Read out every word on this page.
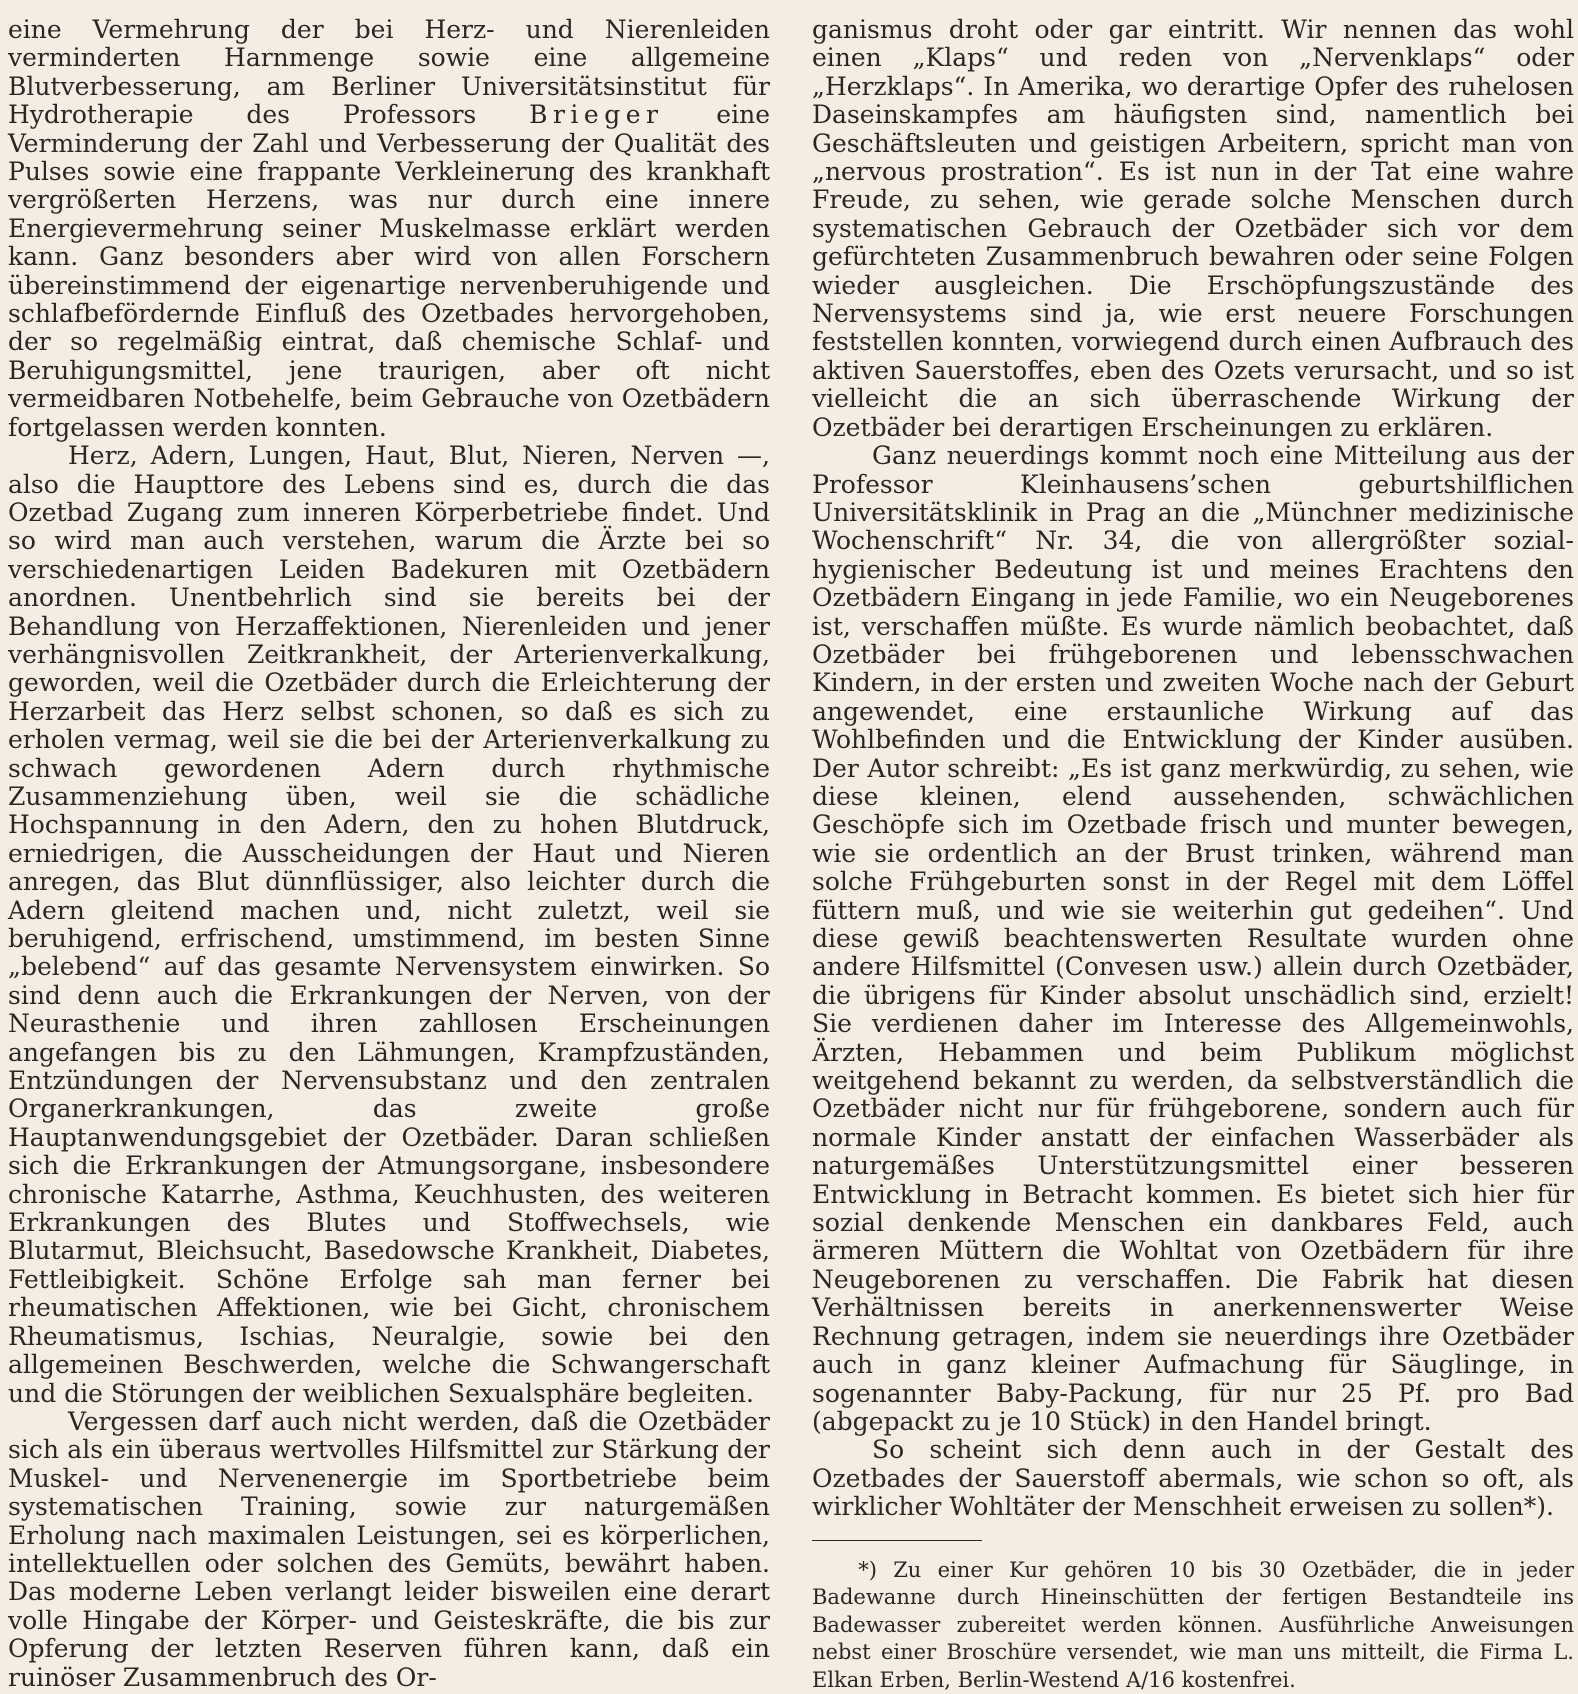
eine Vermehrung der bei Herz- und Nierenleiden verminderten Harnmenge sowie eine allgemeine Blutverbesserung, am Berliner Universitätsinstitut für Hydrotherapie des Professors Brieger eine Verminderung der Zahl und Verbesserung der Qualität des Pulses sowie eine frappante Verkleinerung des krankhaft vergrößerten Herzens, was nur durch eine innere Energievermehrung seiner Muskelmasse erklärt werden kann. Ganz besonders aber wird von allen Forschern übereinstimmend der eigenartige nervenberuhigende und schlafbefördernde Einfluß des Ozetbades hervorgehoben, der so regelmäßig eintrat, daß chemische Schlaf- und Beruhigungsmittel, jene traurigen, aber oft nicht vermeidbaren Notbehelfe, beim Gebrauche von Ozetbädern fortgelassen werden konnten.

Herz, Adern, Lungen, Haut, Blut, Nieren, Nerven —, also die Haupttore des Lebens sind es, durch die das Ozetbad Zugang zum inneren Körperbetriebe findet. Und so wird man auch verstehen, warum die Ärzte bei so verschiedenartigen Leiden Badekuren mit Ozetbädern anordnen. Unentbehrlich sind sie bereits bei der Behandlung von Herzaffektionen, Nierenleiden und jener verhängnisvollen Zeitkrankheit, der Arterienverkalkung, geworden, weil die Ozetbäder durch die Erleichterung der Herzarbeit das Herz selbst schonen, so daß es sich zu erholen vermag, weil sie die bei der Arterienverkalkung zu schwach gewordenen Adern durch rhythmische Zusammenziehung üben, weil sie die schädliche Hochspannung in den Adern, den zu hohen Blutdruck, erniedrigen, die Ausscheidungen der Haut und Nieren anregen, das Blut dünnflüssiger, also leichter durch die Adern gleitend machen und, nicht zuletzt, weil sie beruhigend, erfrischend, umstimmend, im besten Sinne „belebend“ auf das gesamte Nervensystem einwirken. So sind denn auch die Erkrankungen der Nerven, von der Neurasthenie und ihren zahllosen Erscheinungen angefangen bis zu den Lähmungen, Krampfzuständen, Entzündungen der Nervensubstanz und den zentralen Organerkrankungen, das zweite große Hauptanwendungsgebiet der Ozetbäder. Daran schließen sich die Erkrankungen der Atmungsorgane, insbesondere chronische Katarrhe, Asthma, Keuchhusten, des weiteren Erkrankungen des Blutes und Stoffwechsels, wie Blutarmut, Bleichsucht, Basedowsche Krankheit, Diabetes, Fettleibigkeit. Schöne Erfolge sah man ferner bei rheumatischen Affektionen, wie bei Gicht, chronischem Rheumatismus, Ischias, Neuralgie, sowie bei den allgemeinen Beschwerden, welche die Schwangerschaft und die Störungen der weiblichen Sexualsphäre begleiten.

Vergessen darf auch nicht werden, daß die Ozetbäder sich als ein überaus wertvolles Hilfsmittel zur Stärkung der Muskel- und Nervenenergie im Sportbetriebe beim systematischen Training, sowie zur naturgemäßen Erholung nach maximalen Leistungen, sei es körperlichen, intellektuellen oder solchen des Gemüts, bewährt haben. Das moderne Leben verlangt leider bisweilen eine derart volle Hingabe der Körper- und Geisteskräfte, die bis zur Opferung der letzten Reserven führen kann, daß ein ruinöser Zusammenbruch des Or-

ganismus droht oder gar eintritt. Wir nennen das wohl einen „Klaps“ und reden von „Nervenklaps“ oder „Herzklaps“. In Amerika, wo derartige Opfer des ruhelosen Daseinskampfes am häufigsten sind, namentlich bei Geschäftsleuten und geistigen Arbeitern, spricht man von „nervous prostration“. Es ist nun in der Tat eine wahre Freude, zu sehen, wie gerade solche Menschen durch systematischen Gebrauch der Ozetbäder sich vor dem gefürchteten Zusammenbruch bewahren oder seine Folgen wieder ausgleichen. Die Erschöpfungszustände des Nervensystems sind ja, wie erst neuere Forschungen feststellen konnten, vorwiegend durch einen Aufbrauch des aktiven Sauerstoffes, eben des Ozets verursacht, und so ist vielleicht die an sich überraschende Wirkung der Ozetbäder bei derartigen Erscheinungen zu erklären.

Ganz neuerdings kommt noch eine Mitteilung aus der Professor Kleinhausens’schen geburtshilflichen Universitätsklinik in Prag an die „Münchner medizinische Wochenschrift“ Nr. 34, die von allergrößter sozial-hygienischer Bedeutung ist und meines Erachtens den Ozetbädern Eingang in jede Familie, wo ein Neugeborenes ist, verschaffen müßte. Es wurde nämlich beobachtet, daß Ozetbäder bei frühgeborenen und lebensschwachen Kindern, in der ersten und zweiten Woche nach der Geburt angewendet, eine erstaunliche Wirkung auf das Wohlbefinden und die Entwicklung der Kinder ausüben. Der Autor schreibt: „Es ist ganz merkwürdig, zu sehen, wie diese kleinen, elend aussehenden, schwächlichen Geschöpfe sich im Ozetbade frisch und munter bewegen, wie sie ordentlich an der Brust trinken, während man solche Frühgeburten sonst in der Regel mit dem Löffel füttern muß, und wie sie weiterhin gut gedeihen“. Und diese gewiß beachtenswerten Resultate wurden ohne andere Hilfsmittel (Convesen usw.) allein durch Ozetbäder, die übrigens für Kinder absolut unschädlich sind, erzielt! Sie verdienen daher im Interesse des Allgemeinwohls, Ärzten, Hebammen und beim Publikum möglichst weitgehend bekannt zu werden, da selbstverständlich die Ozetbäder nicht nur für frühgeborene, sondern auch für normale Kinder anstatt der einfachen Wasserbäder als naturgemäßes Unterstützungsmittel einer besseren Entwicklung in Betracht kommen. Es bietet sich hier für sozial denkende Menschen ein dankbares Feld, auch ärmeren Müttern die Wohltat von Ozetbädern für ihre Neugeborenen zu verschaffen. Die Fabrik hat diesen Verhältnissen bereits in anerkennenswerter Weise Rechnung getragen, indem sie neuerdings ihre Ozetbäder auch in ganz kleiner Aufmachung für Säuglinge, in sogenannter Baby-Packung, für nur 25 Pf. pro Bad (abgepackt zu je 10 Stück) in den Handel bringt.

So scheint sich denn auch in der Gestalt des Ozetbades der Sauerstoff abermals, wie schon so oft, als wirklicher Wohltäter der Menschheit erweisen zu sollen*).

*) Zu einer Kur gehören 10 bis 30 Ozetbäder, die in jeder Badewanne durch Hineinschütten der fertigen Bestandteile ins Badewasser zubereitet werden können. Ausführliche Anweisungen nebst einer Broschüre versendet, wie man uns mitteilt, die Firma L. Elkan Erben, Berlin-Westend A/16 kostenfrei.
